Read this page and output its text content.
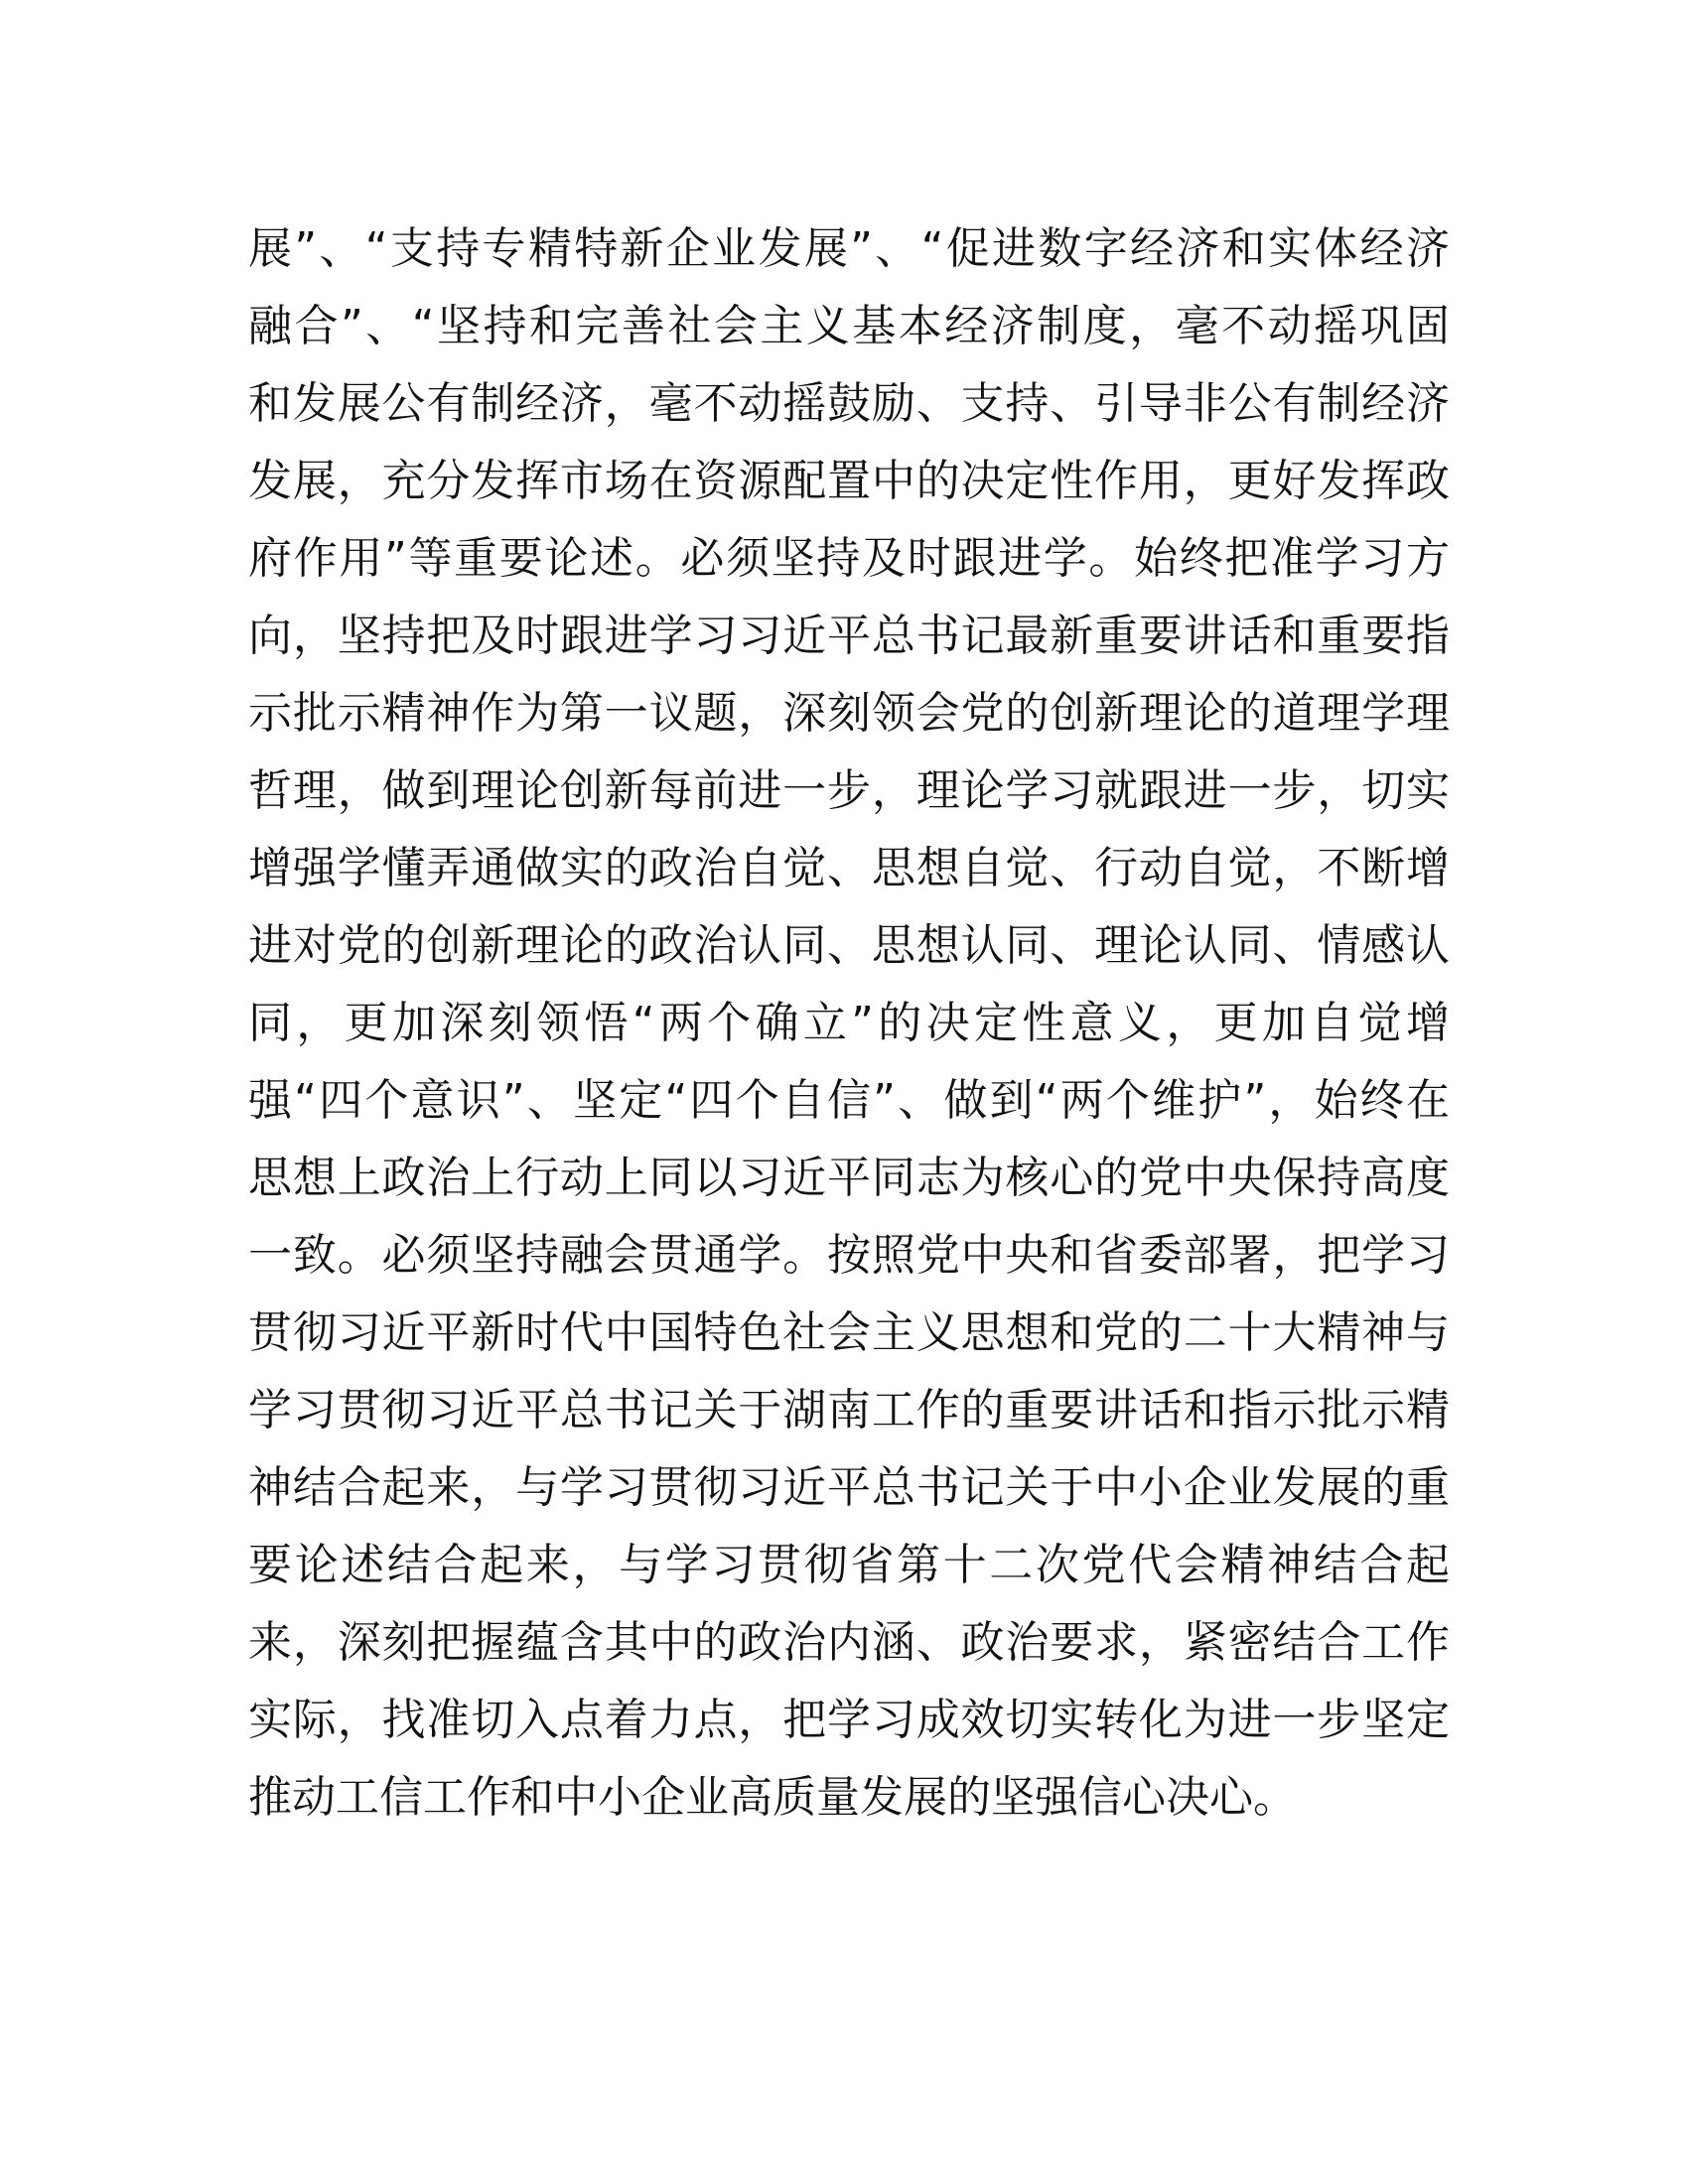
展”、“支持专精特新企业发展”、“促进数字经济和实体经济
融合”、“坚持和完善社会主义基本经济制度，毫不动摇巩固
和发展公有制经济，毫不动摇鼓励、支持、引导非公有制经济
发展，充分发挥市场在资源配置中的决定性作用，更好发挥政
府作用”等重要论述。必须坚持及时跟进学。始终把准学习方
向，坚持把及时跟进学习习近平总书记最新重要讲话和重要指
示批示精神作为第一议题，深刻领会党的创新理论的道理学理
哲理，做到理论创新每前进一步，理论学习就跟进一步，切实
增强学懂弄通做实的政治自觉、思想自觉、行动自觉，不断增
进对党的创新理论的政治认同、思想认同、理论认同、情感认
同，更加深刻领悟“两个确立”的决定性意义，更加自觉增
强“四个意识”、坚定“四个自信”、做到“两个维护”，始终在
思想上政治上行动上同以习近平同志为核心的党中央保持高度
一致。必须坚持融会贯通学。按照党中央和省委部署，把学习
贯彻习近平新时代中国特色社会主义思想和党的二十大精神与
学习贯彻习近平总书记关于湖南工作的重要讲话和指示批示精
神结合起来，与学习贯彻习近平总书记关于中小企业发展的重
要论述结合起来，与学习贯彻省第十二次党代会精神结合起
来，深刻把握蕴含其中的政治内涵、政治要求，紧密结合工作
实际，找准切入点着力点，把学习成效切实转化为进一步坚定
推动工信工作和中小企业高质量发展的坚强信心决心。
